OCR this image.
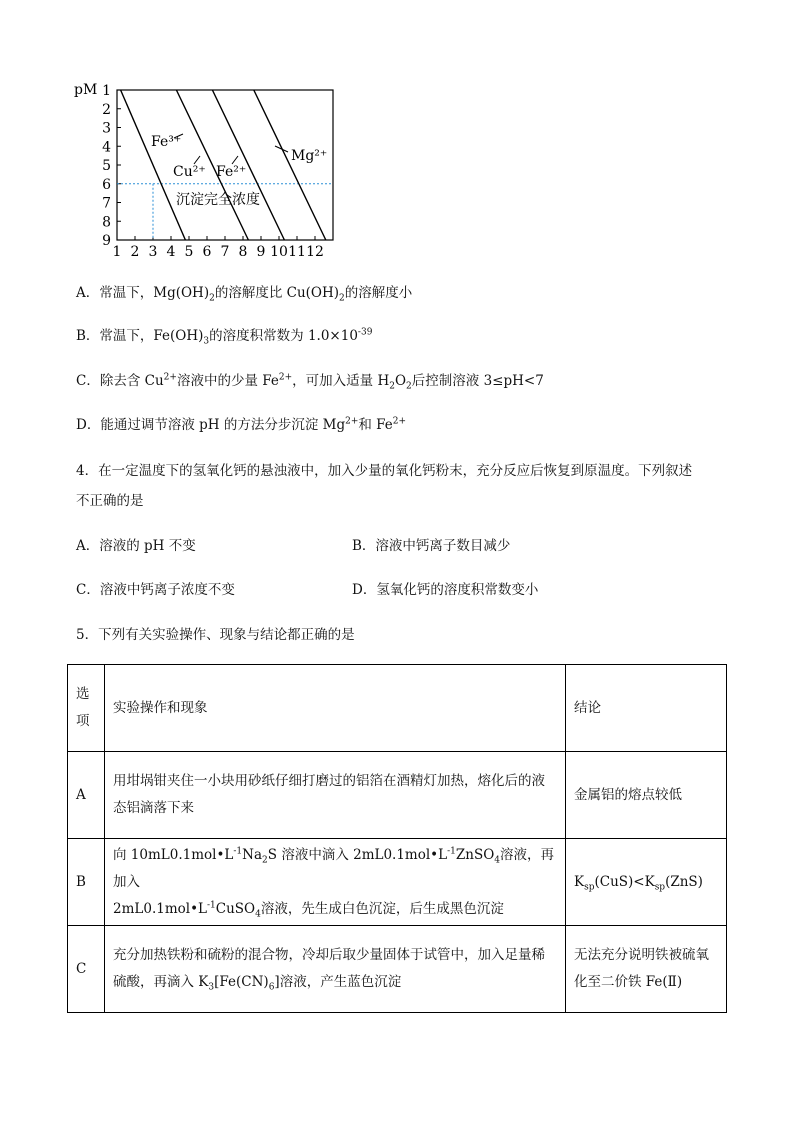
1
2
3
4
5
6
7
8
9
1 2 3 4 5 6 7 8 9 10 11 12
沉淀完全浓度
Fe³⁺
Cu²⁺ Fe²⁺
Mg²⁺
pM
A．常温下，$Mg(OH)_2$的溶解度比 $Cu(OH)_2$的溶解度小
B．常温下，$Fe(OH)_3$的溶度积常数为 $1.0\times 10^{-39}$
C．除去含 $Cu^{2+}$溶液中的少量 $Fe^{2+}$，可加入适量 $H_2O_2$后控制溶液 3≤pH<7
D．能通过调节溶液 pH 的方法分步沉淀 $Mg^{2+}$和 $Fe^{2+}$
4．在一定温度下的氢氧化钙的悬浊液中，加入少量的氧化钙粉末，充分反应后恢复到原温度。下列叙述
不正确的是
A．溶液的 pH 不变	B．溶液中钙离子数目减少
C．溶液中钙离子浓度不变	D．氢氧化钙的溶度积常数变小
5．下列有关实验操作、现象与结论都正确的是
选
项	实验操作和现象	结论
A	用坩埚钳夹住一小块用砂纸仔细打磨过的铝箔在酒精灯加热，熔化后的液
态铝滴落下来	金属铝的熔点较低
B	向 $10mL0.1mol•L^{-1}Na_2S$ 溶液中滴入 $2mL0.1mol•L^{-1}ZnSO_4$溶液，再加入
$2mL0.1mol•L^{-1}CuSO_4$溶液，先生成白色沉淀，后生成黑色沉淀	$K_{sp}(CuS)<K_{sp}(ZnS)$
C	充分加热铁粉和硫粉的混合物，冷却后取少量固体于试管中，加入足量稀
硫酸，再滴入 $K_3[Fe(CN)_6]$溶液，产生蓝色沉淀	无法充分说明铁被硫氧
化至二价铁 Fe(Ⅱ)
